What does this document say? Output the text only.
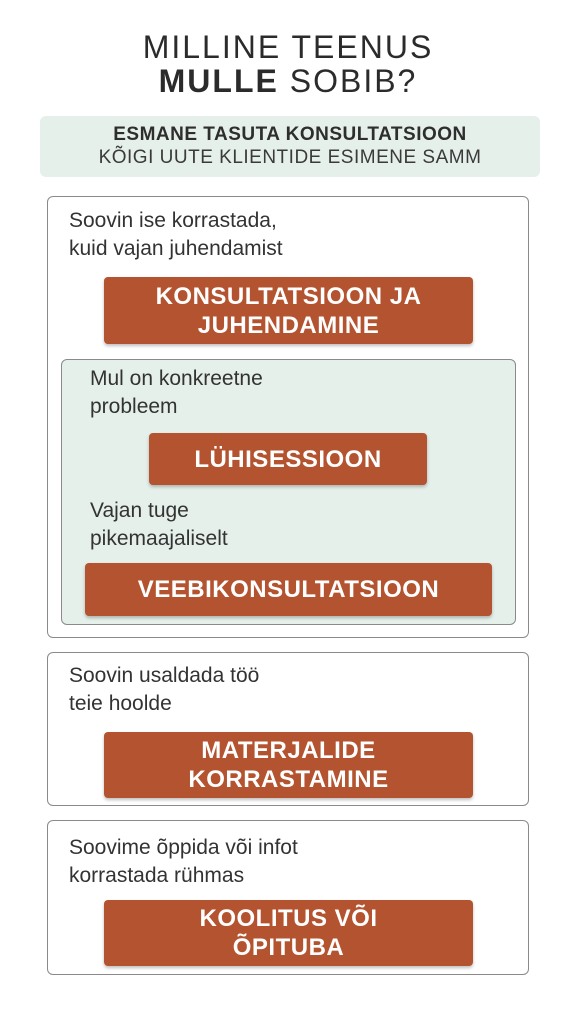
MILLINE TEENUS
MULLE SOBIB?
ESMANE TASUTA KONSULTATSIOON
KÕIGI UUTE KLIENTIDE ESIMENE SAMM
Soovin ise korrastada,
kuid vajan juhendamist
KONSULTATSIOON JA
JUHENDAMINE
Mul on konkreetne
probleem
LÜHISESSIOON
Vajan tuge
pikemaajaliselt
VEEBIKONSULTATSIOON
Soovin usaldada töö
teie hoolde
MATERJALIDE
KORRASTAMINE
Soovime õppida või infot
korrastada rühmas
KOOLITUS VÕI
ÕPITUBA
